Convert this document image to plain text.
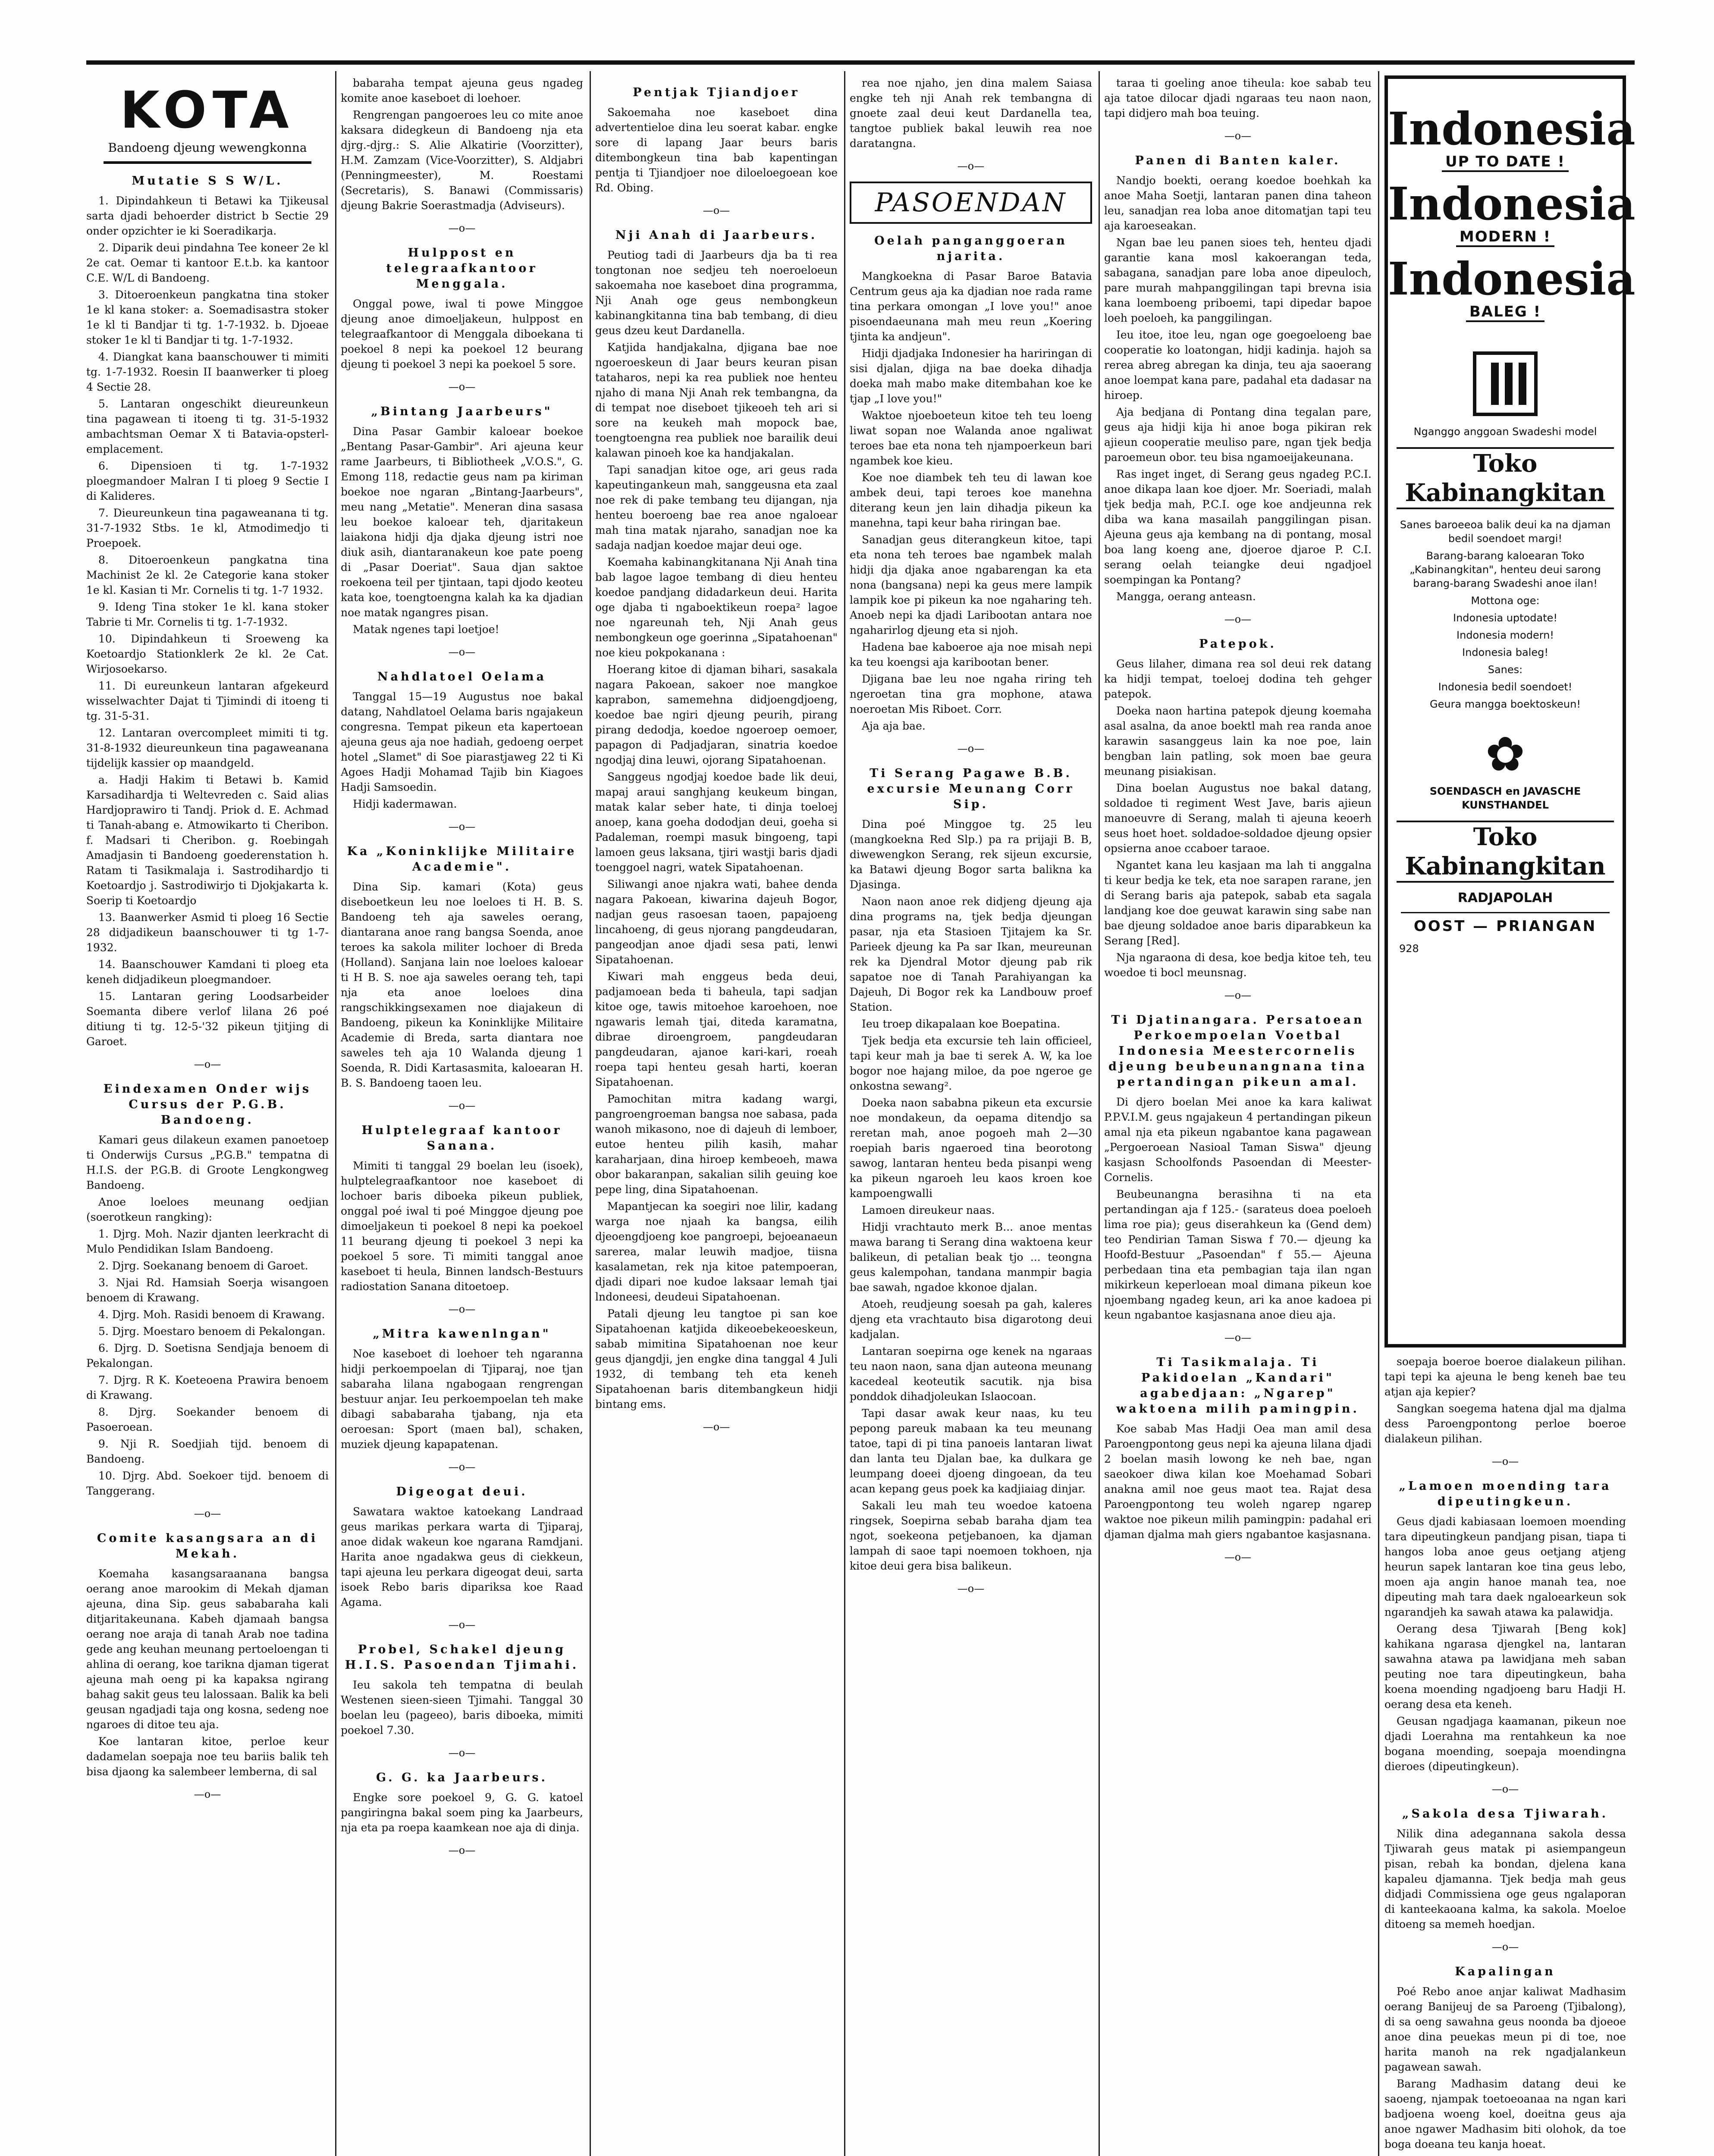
KOTA
Bandoeng djeung wewengkonna
Mutatie S S W/L.

1. Dipindahkeun ti Betawi ka Tjikeusal sarta djadi behoerder district b Sectie 29 onder opzichter ie ki Soeradikarja.

2. Diparik deui pindahna Tee koneer 2e kl 2e cat. Oemar ti kantoor E.t.b. ka kantoor C.E. W/L di Bandoeng.

3. Ditoeroenkeun pangkatna tina stoker 1e kl kana stoker: a. Soemadisastra stoker 1e kl ti Bandjar ti tg. 1-7-1932. b. Djoeae stoker 1e kl ti Bandjar ti tg. 1-7-1932.

4. Diangkat kana baanschouwer ti mimiti tg. 1-7-1932. Roesin II baanwerker ti ploeg 4 Sectie 28.

5. Lantaran ongeschikt dieureunkeun tina pagawean ti itoeng ti tg. 31-5-1932 ambachtsman Oemar X ti Batavia-opsterl-emplacement.

6. Dipensioen ti tg. 1-7-1932 ploegmandoer Malran I ti ploeg 9 Sectie I di Kalideres.

7. Dieureunkeun tina pagaweanana ti tg. 31-7-1932 Stbs. 1e kl, Atmodimedjo ti Proepoek.

8. Ditoeroenkeun pangkatna tina Machinist 2e kl. 2e Categorie kana stoker 1e kl. Kasian ti Mr. Cornelis ti tg. 1-7 1932.

9. Ideng Tina stoker 1e kl. kana stoker Tabrie ti Mr. Cornelis ti tg. 1-7-1932.

10. Dipindahkeun ti Sroeweng ka Koetoardjo Stationklerk 2e kl. 2e Cat. Wirjosoekarso.

11. Di eureunkeun lantaran afgekeurd wisselwachter Dajat ti Tjimindi di itoeng ti tg. 31-5-31.

12. Lantaran overcompleet mimiti ti tg. 31-8-1932 dieureunkeun tina pagaweanana tijdelijk kassier op maandgeld.

a. Hadji Hakim ti Betawi b. Kamid Karsadihardja ti Weltevreden c. Said alias Hardjoprawiro ti Tandj. Priok d. E. Achmad ti Tanah-abang e. Atmowikarto ti Cheribon. f. Madsari ti Cheribon. g. Roebingah Amadjasin ti Bandoeng goederenstation h. Ratam ti Tasikmalaja i. Sastrodihardjo ti Koetoardjo j. Sastrodiwirjo ti Djokjakarta k. Soerip ti Koetoardjo

13. Baanwerker Asmid ti ploeg 16 Sectie 28 didjadikeun baanschouwer ti tg 1-7-1932.

14. Baanschouwer Kamdani ti ploeg eta keneh didjadikeun ploegmandoer.

15. Lantaran gering Loodsarbeider Soemanta dibere verlof lilana 26 poé ditiung ti tg. 12-5-'32 pikeun tjitjing di Garoet.

—o—
Eindexamen Onder wijs Cursus der P.G.B. Bandoeng.

Kamari geus dilakeun examen panoetoep ti Onderwijs Cursus „P.G.B." tempatna di H.I.S. der P.G.B. di Groote Lengkongweg Bandoeng.

Anoe loeloes meunang oedjian (soerotkeun rangking):

1. Djrg. Moh. Nazir djanten leerkracht di Mulo Pendidikan Islam Bandoeng.

2. Djrg. Soekanang benoem di Garoet.

3. Njai Rd. Hamsiah Soerja wisangoen benoem di Krawang.

4. Djrg. Moh. Rasidi benoem di Krawang.

5. Djrg. Moestaro benoem di Pekalongan.

6. Djrg. D. Soetisna Sendjaja benoem di Pekalongan.

7. Djrg. R K. Koeteoena Prawira benoem di Krawang.

8. Djrg. Soekander benoem di Pasoeroean.

9. Nji R. Soedjiah tijd. benoem di Bandoeng.

10. Djrg. Abd. Soekoer tijd. benoem di Tanggerang.

—o—
Comite kasangsara an di Mekah.

Koemaha kasangsaraanana bangsa oerang anoe marookim di Mekah djaman ajeuna, dina Sip. geus sababaraha kali ditjaritakeunana. Kabeh djamaah bangsa oerang noe araja di tanah Arab noe tadina gede ang keuhan meunang pertoeloengan ti ahlina di oerang, koe tarikna djaman tigerat ajeuna mah oeng pi ka kapaksa ngirang bahag sakit geus teu lalossaan. Balik ka beli geusan ngadjadi taja ong kosna, sedeng noe ngaroes di ditoe teu aja.

Koe lantaran kitoe, perloe keur dadamelan soepaja noe teu bariis balik teh bisa djaong ka salembeer lemberna, di sal

—o—

babaraha tempat ajeuna geus ngadeg komite anoe kaseboet di loehoer.

Rengrengan pangoeroes leu co mite anoe kaksara didegkeun di Bandoeng nja eta djrg.-djrg.: S. Alie Alkatirie (Voorzitter), H.M. Zamzam (Vice-Voorzitter), S. Aldjabri (Penningmeester), M. Roestami (Secretaris), S. Banawi (Commissaris) djeung Bakrie Soerastmadja (Adviseurs).

—o—
Hulppost en telegraafkantoor Menggala.

Onggal powe, iwal ti powe Minggoe djeung anoe dimoeljakeun, hulppost en telegraafkantoor di Menggala diboekana ti poekoel 8 nepi ka poekoel 12 beurang djeung ti poekoel 3 nepi ka poekoel 5 sore.

—o—
„Bintang Jaarbeurs"

Dina Pasar Gambir kaloear boekoe „Bentang Pasar-Gambir". Ari ajeuna keur rame Jaarbeurs, ti Bibliotheek „V.O.S.", G. Emong 118, redactie geus nam pa kiriman boekoe noe ngaran „Bintang-Jaarbeurs", meu nang „Metatie". Meneran dina sasasa leu boekoe kaloear teh, djaritakeun laiakona hidji dja djaka djeung istri noe diuk asih, diantaranakeun koe pate poeng di „Pasar Doeriat". Saua djan saktoe roekoena teil per tjintaan, tapi djodo keoteu kata koe, toengtoengna kalah ka ka djadian noe matak ngangres pisan.

Matak ngenes tapi loetjoe!

—o—
Nahdlatoel Oelama

Tanggal 15—19 Augustus noe bakal datang, Nahdlatoel Oelama baris ngajakeun congresna. Tempat pikeun eta kapertoean ajeuna geus aja noe hadiah, gedoeng oerpet hotel „Slamet" di Soe piarastjaweg 22 ti Ki Agoes Hadji Mohamad Tajib bin Kiagoes Hadji Samsoedin.

Hidji kadermawan.

—o—
Ka „Koninklijke Militaire Academie".

Dina Sip. kamari (Kota) geus diseboetkeun leu noe loeloes ti H. B. S. Bandoeng teh aja saweles oerang, diantarana anoe rang bangsa Soenda, anoe teroes ka sakola militer lochoer di Breda (Holland). Sanjana lain noe loeloes kaloear ti H B. S. noe aja saweles oerang teh, tapi nja eta anoe loeloes dina rangschikkingsexamen noe diajakeun di Bandoeng, pikeun ka Koninklijke Militaire Academie di Breda, sarta diantara noe saweles teh aja 10 Walanda djeung 1 Soenda, R. Didi Kartasasmita, kaloearan H. B. S. Bandoeng taoen leu.

—o—
Hulptelegraaf kantoor Sanana.

Mimiti ti tanggal 29 boelan leu (isoek), hulptelegraafkantoor noe kaseboet di lochoer baris diboeka pikeun publiek, onggal poé iwal ti poé Minggoe djeung poe dimoeljakeun ti poekoel 8 nepi ka poekoel 11 beurang djeung ti poekoel 3 nepi ka poekoel 5 sore. Ti mimiti tanggal anoe kaseboet ti heula, Binnen landsch-Bestuurs radiostation Sanana ditoetoep.

—o—
„Mitra kawenlngan"

Noe kaseboet di loehoer teh ngaranna hidji perkoempoelan di Tjiparaj, noe tjan sabaraha lilana ngabogaan rengrengan bestuur anjar. Ieu perkoempoelan teh make dibagi sababaraha tjabang, nja eta oeroesan: Sport (maen bal), schaken, muziek djeung kapapatenan.

—o—
Digeogat deui.

Sawatara waktoe katoekang Landraad geus marikas perkara warta di Tjiparaj, anoe didak wakeun koe ngarana Ramdjani. Harita anoe ngadakwa geus di ciekkeun, tapi ajeuna leu perkara digeogat deui, sarta isoek Rebo baris dipariksa koe Raad Agama.

—o—
Probel, Schakel djeung H.I.S. Pasoendan Tjimahi.

Ieu sakola teh tempatna di beulah Westenen sieen-sieen Tjimahi. Tanggal 30 boelan leu (pageeo), baris diboeka, mimiti poekoel 7.30.

—o—
G. G. ka Jaarbeurs.

Engke sore poekoel 9, G. G. katoel pangiringna bakal soem ping ka Jaarbeurs, nja eta pa roepa kaamkean noe aja di dinja.

—o—
Pentjak Tjiandjoer

Sakoemaha noe kaseboet dina advertentieloe dina leu soerat kabar. engke sore di lapang Jaar beurs baris ditembongkeun tina bab kapentingan pentja ti Tjiandjoer noe diloeloegoean koe Rd. Obing.

—o—
Nji Anah di Jaarbeurs.

Peutiog tadi di Jaarbeurs dja ba ti rea tongtonan noe sedjeu teh noeroeloeun sakoemaha noe kaseboet dina programma, Nji Anah oge geus nembongkeun kabinangkitanna tina bab tembang, di dieu geus dzeu keut Dardanella.

Katjida handjakalna, djigana bae noe ngoeroeskeun di Jaar beurs keuran pisan tataharos, nepi ka rea publiek noe henteu njaho di mana Nji Anah rek tembangna, da di tempat noe diseboet tjikeoeh teh ari si sore na keukeh mah mopock bae, toengtoengna rea publiek noe barailik deui kalawan pinoeh koe ka handjakalan.

Tapi sanadjan kitoe oge, ari geus rada kapeutingankeun mah, sanggeusna eta zaal noe rek di pake tembang teu dijangan, nja henteu boeroeng bae rea anoe ngaloear mah tina matak njaraho, sanadjan noe ka sadaja nadjan koedoe majar deui oge.

Koemaha kabinangkitanana Nji Anah tina bab lagoe lagoe tembang di dieu henteu koedoe pandjang didadarkeun deui. Harita oge djaba ti ngaboektikeun roepa² lagoe noe ngareunah teh, Nji Anah geus nembongkeun oge goerinna „Sipatahoenan" noe kieu pokpokanana :

Hoerang kitoe di djaman bihari, sasakala nagara Pakoean, sakoer noe mangkoe kaprabon, samemehna didjoengdjoeng, koedoe bae ngiri djeung peurih, pirang pirang dedodja, koedoe ngoeroep oemoer, papagon di Padjadjaran, sinatria koedoe ngodjaj dina leuwi, ojorang Sipatahoenan.

Sanggeus ngodjaj koedoe bade lik deui, mapaj araui sanghjang keukeum bingan, matak kalar seber hate, ti dinja toeloej anoep, kana goeha dododjan deui, goeha si Padaleman, roempi masuk bingoeng, tapi lamoen geus laksana, tjiri wastji baris djadi toenggoel nagri, watek Sipatahoenan.

Siliwangi anoe njakra wati, bahee denda nagara Pakoean, kiwarina dajeuh Bogor, nadjan geus rasoesan taoen, papajoeng lincahoeng, di geus njorang pangdeudaran, pangeodjan anoe djadi sesa pati, lenwi Sipatahoenan.

Kiwari mah enggeus beda deui, padjamoean beda ti baheula, tapi sadjan kitoe oge, tawis mitoehoe karoehoen, noe ngawaris lemah tjai, diteda karamatna, dibrae diroengroem, pangdeudaran pangdeudaran, ajanoe kari-kari, roeah roepa tapi henteu gesah harti, koeran Sipatahoenan.

Pamochitan mitra kadang wargi, pangroengroeman bangsa noe sabasa, pada wanoh mikasono, noe di dajeuh di lemboer, eutoe henteu pilih kasih, mahar karaharjaan, dina hiroep kembeoeh, mawa obor bakaranpan, sakalian silih geuing koe pepe ling, dina Sipatahoenan.

Mapantjecan ka soegiri noe lilir, kadang warga noe njaah ka bangsa, eilih djeoengdjoeng koe pangroepi, bejoeanaeun sarerea, malar leuwih madjoe, tiisna kasalametan, rek nja kitoe patempoeran, djadi dipari noe kudoe laksaar lemah tjai lndoneesi, deudeui Sipatahoenan.

Patali djeung leu tangtoe pi san koe Sipatahoenan katjida dikeoebekeoeskeun, sabab mimitina Sipatahoenan noe keur geus djangdji, jen engke dina tanggal 4 Juli 1932, di tembang teh eta keneh Sipatahoenan baris ditembangkeun hidji bintang ems.

—o—

rea noe njaho, jen dina malem Saiasa engke teh nji Anah rek tembangna di gnoete zaal deui keut Dardanella tea, tangtoe publiek bakal leuwih rea noe daratangna.

—o—
PASOENDAN
Oelah panganggoeran njarita.

Mangkoekna di Pasar Baroe Batavia Centrum geus aja ka djadian noe rada rame tina perkara omongan „I love you!" anoe pisoendaeunana mah meu reun „Koering tjinta ka andjeun".

Hidji djadjaka Indonesier ha hariringan di sisi djalan, djiga na bae doeka dihadja doeka mah mabo make ditembahan koe ke tjap „I love you!"

Waktoe njoeboeteun kitoe teh teu loeng liwat sopan noe Walanda anoe ngaliwat teroes bae eta nona teh njampoerkeun bari ngambek koe kieu.

Koe noe diambek teh teu di lawan koe ambek deui, tapi teroes koe manehna diterang keun jen lain dihadja pikeun ka manehna, tapi keur baha riringan bae.

Sanadjan geus diterangkeun kitoe, tapi eta nona teh teroes bae ngambek malah hidji dja djaka anoe ngabarengan ka eta nona (bangsana) nepi ka geus mere lampik lampik koe pi pikeun ka noe ngaharing teh. Anoeb nepi ka djadi Laribootan antara noe ngaharirlog djeung eta si njoh.

Hadena bae kaboeroe aja noe misah nepi ka teu koengsi aja karibootan bener.

Djigana bae leu noe ngaha riring teh ngeroetan tina gra mophone, atawa noeroetan Mis Riboet. Corr.

Aja aja bae.

—o—
Ti Serang Pagawe B.B. excursie Meunang Corr Sip.

Dina poé Minggoe tg. 25 leu (mangkoekna Red Slp.) pa ra prijaji B. B, diwewengkon Serang, rek sijeun excursie, ka Batawi djeung Bogor sarta balikna ka Djasinga.

Naon naon anoe rek didjeng djeung aja dina programs na, tjek bedja djeungan pasar, nja eta Stasioen Tjitajem ka Sr. Parieek djeung ka Pa sar Ikan, meureunan rek ka Djendral Motor djeung pab rik sapatoe noe di Tanah Parahiyangan ka Dajeuh, Di Bogor rek ka Landbouw proef Station.

Ieu troep dikapalaan koe Boepatina.

Tjek bedja eta excursie teh lain officieel, tapi keur mah ja bae ti serek A. W, ka loe bogor noe hajang miloe, da poe ngeroe ge onkostna sewang².

Doeka naon sababna pikeun eta excursie noe mondakeun, da oepama ditendjo sa reretan mah, anoe pogoeh mah 2—30 roepiah baris ngaeroed tina beorotong sawog, lantaran henteu beda pisanpi weng ka pikeun ngaroeh leu kaos kroen koe kampoengwalli

Lamoen direukeur naas.

Hidji vrachtauto merk B... anoe mentas mawa barang ti Serang dina waktoena keur balikeun, di petalian beak tjo ... teongna geus kalempohan, tandana manmpir bagia bae sawah, ngadoe kkonoe djalan.

Atoeh, reudjeung soesah pa gah, kaleres djeng eta vrachtauto bisa digarotong deui kadjalan.

Lantaran soepirna oge kenek na ngaraas teu naon naon, sana djan auteona meunang kacedeal keoteutik sacutik. nja bisa ponddok dihadjoleukan Islaocoan.

Tapi dasar awak keur naas, ku teu pepong pareuk mabaan ka teu meunang tatoe, tapi di pi tina panoeis lantaran liwat dan lanta teu Djalan bae, ka dulkara ge leumpang doeei djoeng dingoean, da teu acan kepang geus poek ka kadjiaiag dinjar.

Sakali leu mah teu woedoe katoena ringsek, Soepirna sebab baraha djam tea ngot, soekeona petjebanoen, ka djaman lampah di saoe tapi noemoen tokhoen, nja kitoe deui gera bisa balikeun.

—o—

taraa ti goeling anoe tiheula: koe sabab teu aja tatoe dilocar djadi ngaraas teu naon naon, tapi didjero mah boa teuing.

—o—
Panen di Banten kaler.

Nandjo boekti, oerang koedoe boehkah ka anoe Maha Soetji, lantaran panen dina taheon leu, sanadjan rea loba anoe ditomatjan tapi teu aja karoeseakan.

Ngan bae leu panen sioes teh, henteu djadi garantie kana mosl kakoerangan teda, sabagana, sanadjan pare loba anoe dipeuloch, pare murah mahpanggilingan tapi brevna isia kana loemboeng priboemi, tapi dipedar bapoe loeh poeloeh, ka panggilingan.

Ieu itoe, itoe leu, ngan oge goegoeloeng bae cooperatie ko loatongan, hidji kadinja. hajoh sa rerea abreg abregan ka dinja, teu aja saoerang anoe loempat kana pare, padahal eta dadasar na hiroep.

Aja bedjana di Pontang dina tegalan pare, geus aja hidji kija hi anoe boga pikiran rek ajieun cooperatie meuliso pare, ngan tjek bedja paroemeun obor. teu bisa ngamoeijakeunana.

Ras inget inget, di Serang geus ngadeg P.C.I. anoe dikapa laan koe djoer. Mr. Soeriadi, malah tjek bedja mah, P.C.I. oge koe andjeunna rek diba wa kana masailah panggilingan pisan. Ajeuna geus aja kembang na di pontang, mosal boa lang koeng ane, djoeroe djaroe P. C.I. serang oelah teiangke deui ngadjoel soempingan ka Pontang?

Mangga, oerang anteasn.

—o—
Patepok.

Geus lilaher, dimana rea sol deui rek datang ka hidji tempat, toeloej dodina teh gehger patepok.

Doeka naon hartina patepok djeung koemaha asal asalna, da anoe boektl mah rea randa anoe karawin sasanggeus lain ka noe poe, lain bengban lain patling, sok moen bae geura meunang pisiakisan.

Dina boelan Augustus noe bakal datang, soldadoe ti regiment West Jave, baris ajieun manoeuvre di Serang, malah ti ajeuna keoerh seus hoet hoet. soldadoe-soldadoe djeung opsier opsierna anoe ccaboer taraoe.

Ngantet kana leu kasjaan ma lah ti anggalna ti keur bedja ke tek, eta noe sarapen rarane, jen di Serang baris aja patepok, sabab eta sagala landjang koe doe geuwat karawin sing sabe nan bae djeung soldadoe anoe baris diparabkeun ka Serang [Red].

Nja ngaraona di desa, koe bedja kitoe teh, teu woedoe ti bocl meunsnag.

—o—
Ti Djatinangara. Persatoean Perkoempoelan Voetbal Indonesia Meestercornelis djeung beubeunangnana tina pertandingan pikeun amal.

Di djero boelan Mei anoe ka kara kaliwat P.P.V.I.M. geus ngajakeun 4 pertandingan pikeun amal nja eta pikeun ngabantoe kana pagawean „Pergoeroean Nasioal Taman Siswa" djeung kasjasn Schoolfonds Pasoendan di Meester-Cornelis.

Beubeunangna berasihna ti na eta pertandingan aja f 125.- (sarateus doea poeloeh lima roe pia); geus diserahkeun ka (Gend dem) teo Pendirian Taman Siswa f 70.— djeung ka Hoofd-Bestuur „Pasoendan" f 55.— Ajeuna perbedaan tina eta pembagian taja ilan ngan mikirkeun keperloean moal dimana pikeun koe njoembang ngadeg keun, ari ka anoe kadoea pi keun ngabantoe kasjasnana anoe dieu aja.

—o—
Ti Tasikmalaja. Ti Pakidoelan „Kandari" agabedjaan: „Ngarep" waktoena milih pamingpin.

Koe sabab Mas Hadji Oea man amil desa Paroengpontong geus nepi ka ajeuna lilana djadi 2 boelan masih lowong ke neh bae, ngan saeokoer diwa kilan koe Moehamad Sobari anakna amil noe geus maot tea. Rajat desa Paroengpontong teu woleh ngarep ngarep waktoe noe pikeun milih pamingpin: padahal eri djaman djalma mah giers ngabantoe kasjasnana.

—o—
Indonesia
UP TO DATE !
Indonesia
MODERN !
Indonesia
BALEG !
Nganggo anggoan Swadeshi model
Toko Kabinangkitan
Sanes baroeeoa balik deui ka na djaman bedil soendoet margi!
Barang-barang kaloearan Toko „Kabinangkitan", henteu deui sarong barang-barang Swadeshi anoe ilan!
Mottona oge:
Indonesia uptodate!
Indonesia modern!
Indonesia baleg!
Sanes:
Indonesia bedil soendoet!
Geura mangga boektoskeun!
✿
SOENDASCH en JAVASCHE KUNSTHANDEL
Toko Kabinangkitan
RADJAPOLAH
OOST — PRIANGAN
928

soepaja boeroe boeroe dialakeun pilihan. tapi tepi ka ajeuna le beng keneh bae teu atjan aja kepier?

Sangkan soegema hatena djal ma djalma dess Paroengpontong perloe boeroe dialakeun pilihan.

—o—
„Lamoen moending tara dipeutingkeun.

Geus djadi kabiasaan loemoen moending tara dipeutingkeun pandjang pisan, tiapa ti hangos loba anoe geus oetjang atjeng heurun sapek lantaran koe tina geus lebo, moen aja angin hanoe manah tea, noe dipeuting mah tara daek ngaloearkeun sok ngarandjeh ka sawah atawa ka palawidja.

Oerang desa Tjiwarah [Beng kok] kahikana ngarasa djengkel na, lantaran sawahna atawa pa lawidjana meh saban peuting noe tara dipeutingkeun, baha koena moending ngadjoeng baru Hadji H. oerang desa eta keneh.

Geusan ngadjaga kaamanan, pikeun noe djadi Loerahna ma rentahkeun ka noe bogana moending, soepaja moendingna dieroes (dipeutingkeun).

—o—
„Sakola desa Tjiwarah.

Nilik dina adegannana sakola dessa Tjiwarah geus matak pi asiempangeun pisan, rebah ka bondan, djelena kana kapaleu djamanna. Tjek bedja mah geus didjadi Commissiena oge geus ngalaporan di kanteekaoana kalma, ka sakola. Moeloe ditoeng sa memeh hoedjan.

—o—
Kapalingan

Poé Rebo anoe anjar kaliwat Madhasim oerang Banijeuj de sa Paroeng (Tjibalong), di sa oeng sawahna geus noonda ba djoeoe anoe dina peuekas meun pi di toe, noe harita manoh na rek ngadjalankeun pagawean sawah.

Barang Madhasim datang deui ke saoeng, njampak toetoeoanaa na ngan kari badjoena woeng koel, doeitna geus aja anoe ngawer Madhasim biti olohok, da toe boga doeana teu kanja hoeat.
